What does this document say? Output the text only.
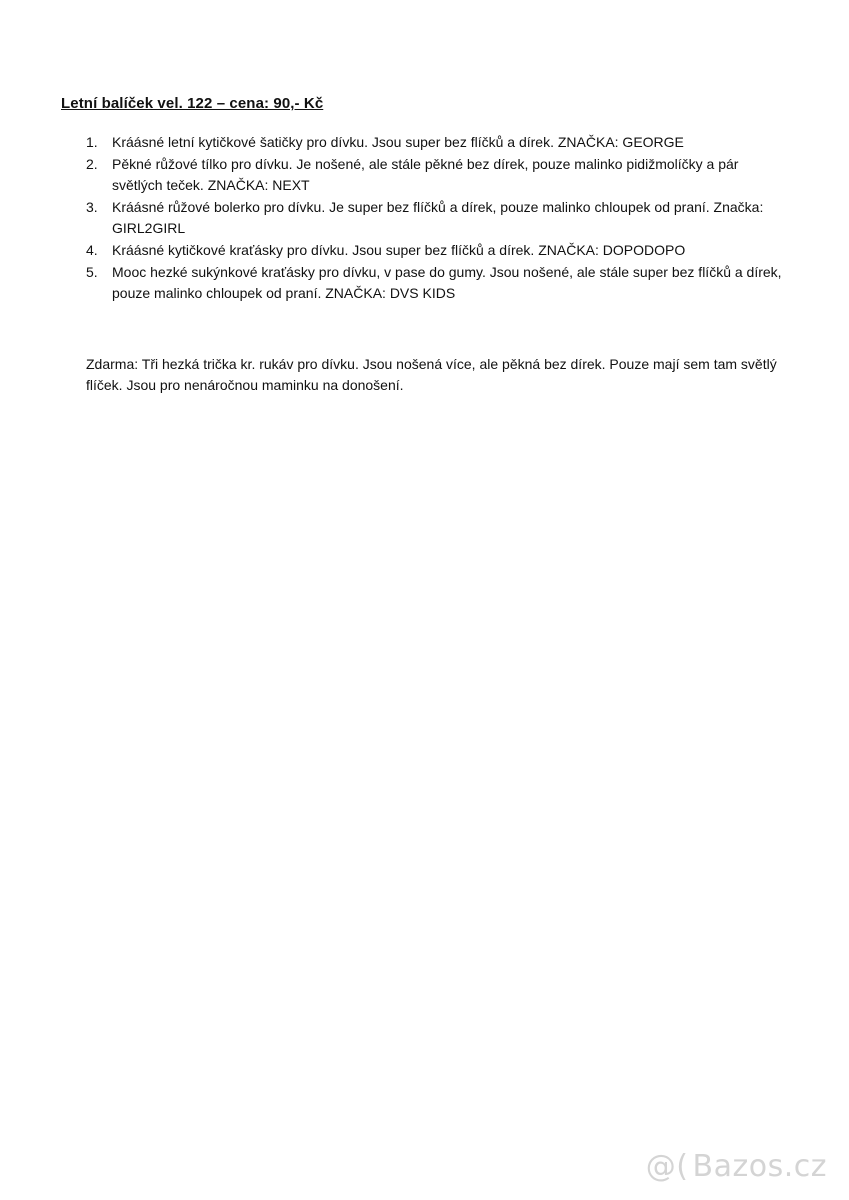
Letní balíček vel. 122 – cena: 90,- Kč
1. Kráásné letní kytičkové šatičky pro dívku. Jsou super bez flíčků a dírek. ZNAČKA: GEORGE
2. Pěkné růžové tílko pro dívku. Je nošené, ale stále pěkné bez dírek, pouze malinko pidižmolíčky a pár světlých teček. ZNAČKA: NEXT
3. Kráásné růžové bolerko pro dívku. Je super bez flíčků a dírek, pouze malinko chloupek od praní. Značka: GIRL2GIRL
4. Kráásné kytičkové kraťásky pro dívku. Jsou super bez flíčků a dírek. ZNAČKA: DOPODOPO
5. Mooc hezké sukýnkové kraťásky pro dívku, v pase do gumy. Jsou nošené, ale stále super bez flíčků a dírek, pouze malinko chloupek od praní. ZNAČKA: DVS KIDS
Zdarma: Tři hezká trička kr. rukáv pro dívku. Jsou nošená více, ale pěkná bez dírek. Pouze mají sem tam světlý flíček. Jsou pro nenáročnou maminku na donošení.
@( Bazos.cz
